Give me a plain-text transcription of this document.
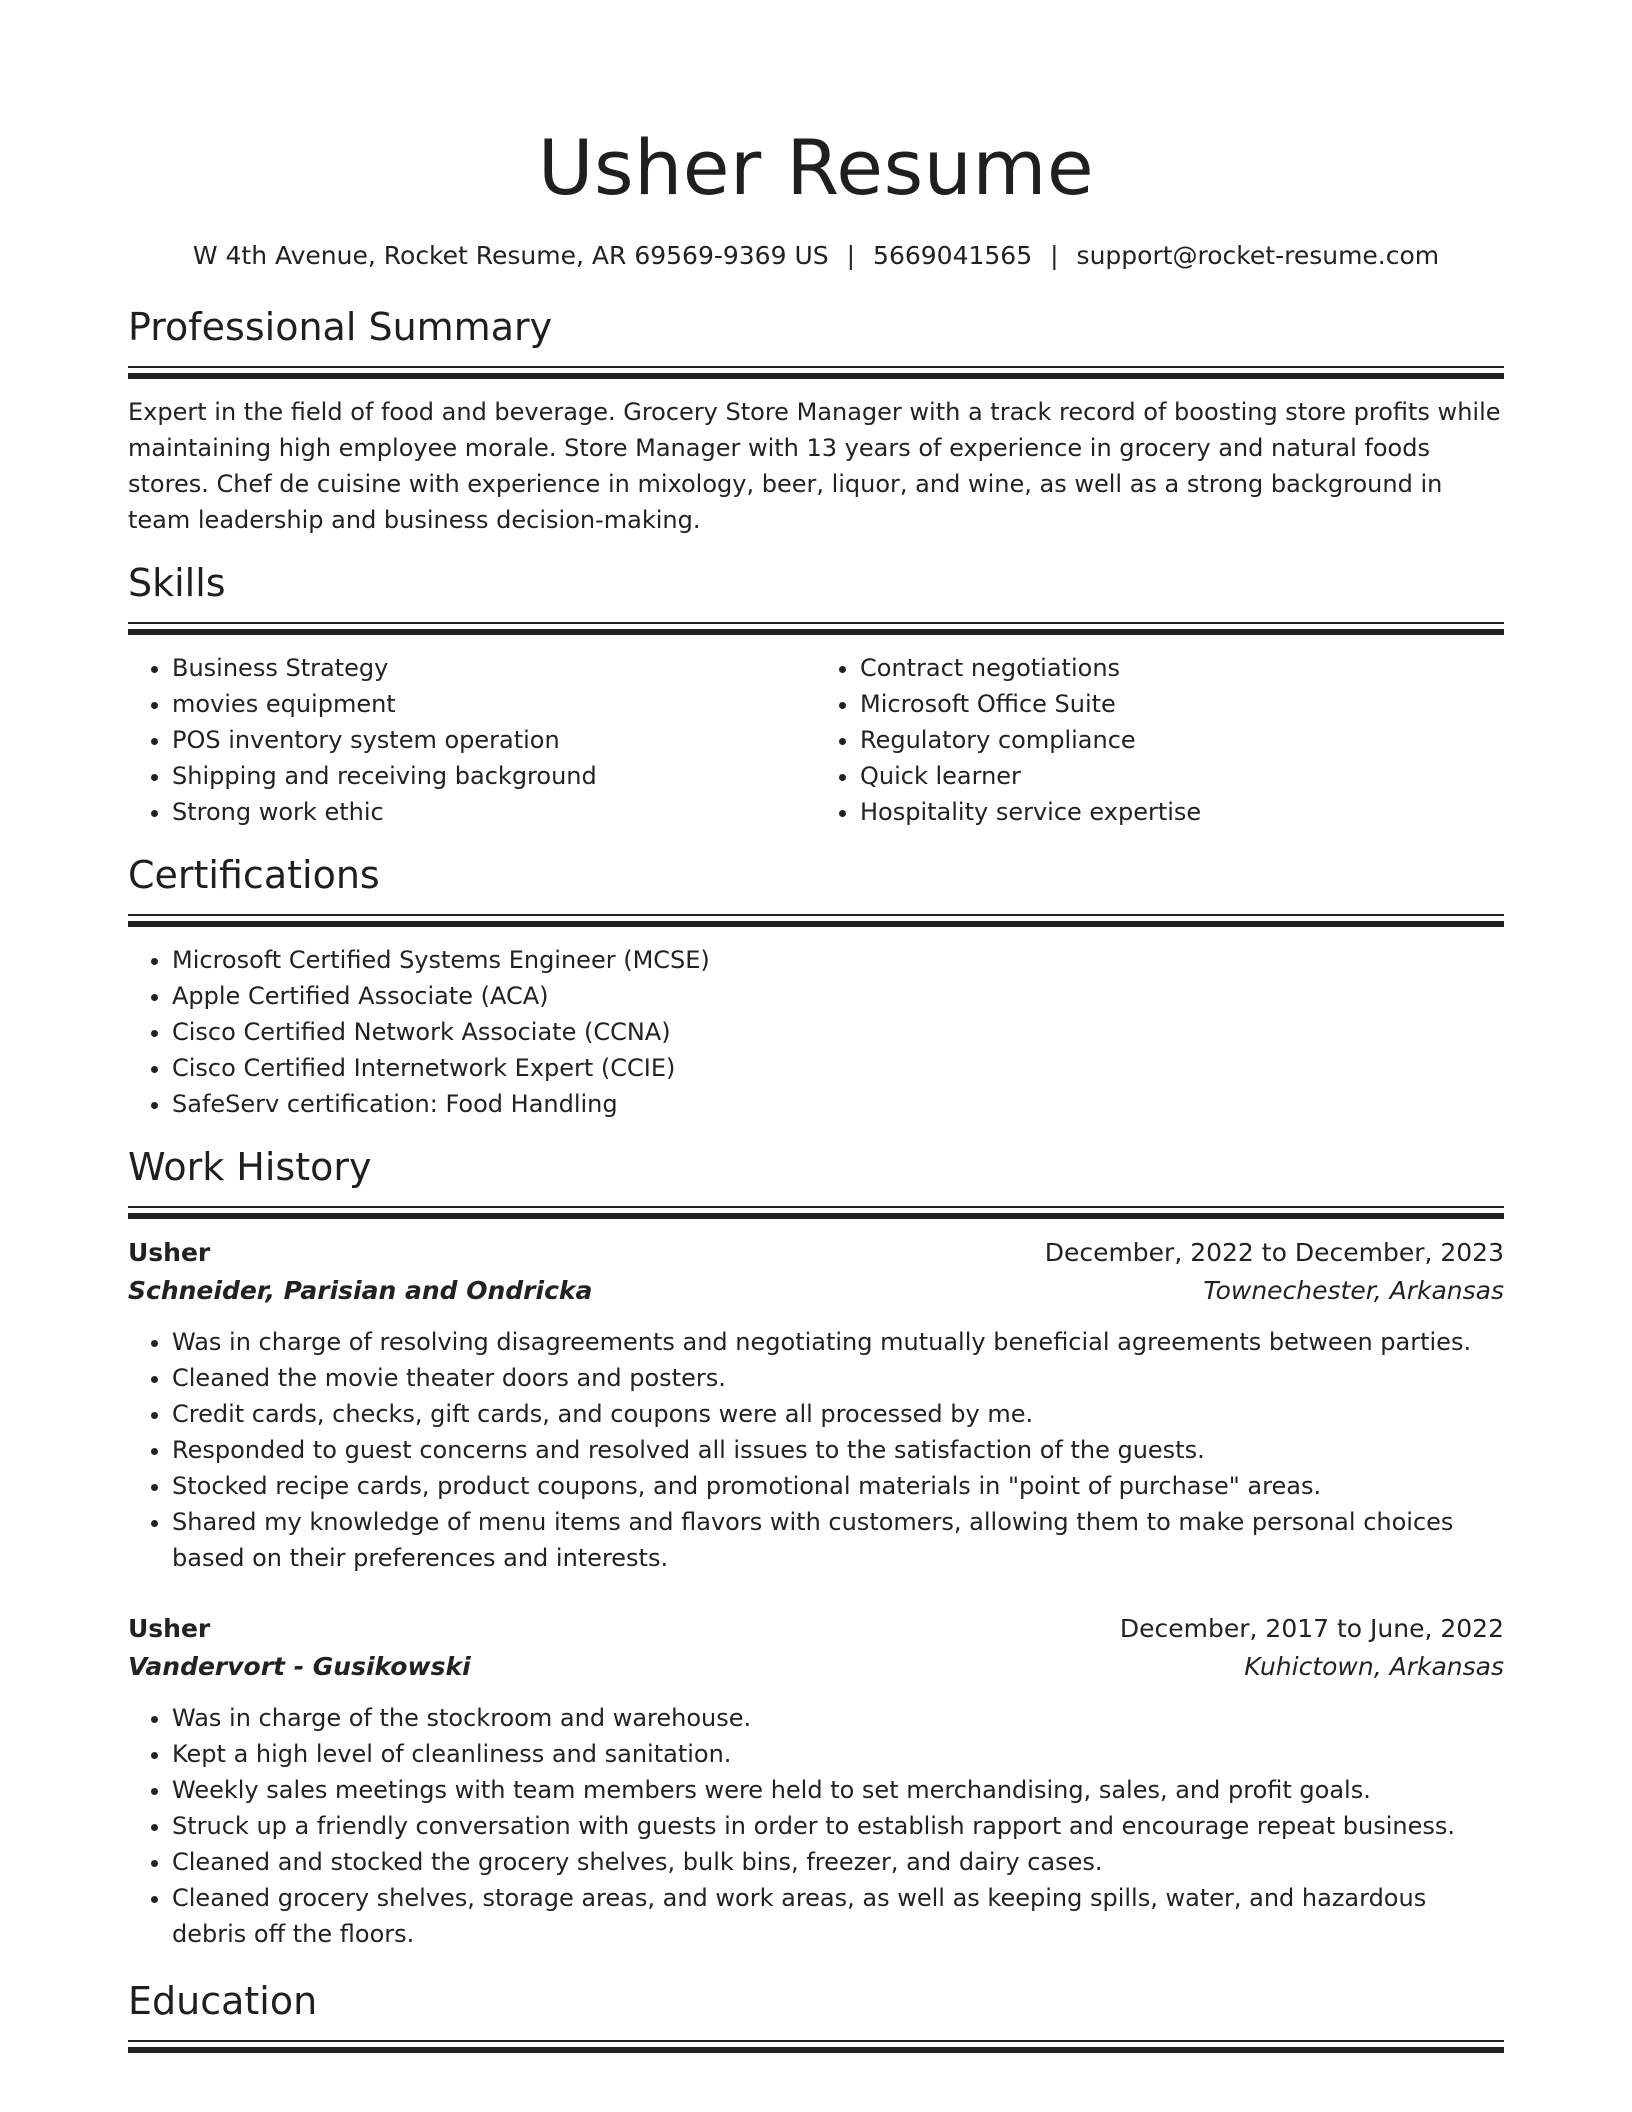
Usher Resume
W 4th Avenue, Rocket Resume, AR 69569-9369 US | 5669041565 | support@rocket-resume.com
Professional Summary

Expert in the field of food and beverage. Grocery Store Manager with a track record of boosting store profits while maintaining high employee morale. Store Manager with 13 years of experience in grocery and natural foods stores. Chef de cuisine with experience in mixology, beer, liquor, and wine, as well as a strong background in team leadership and business decision-making.

Skills
• Business Strategy
• movies equipment
• POS inventory system operation
• Shipping and receiving background
• Strong work ethic
• Contract negotiations
• Microsoft Office Suite
• Regulatory compliance
• Quick learner
• Hospitality service expertise
Certifications
• Microsoft Certified Systems Engineer (MCSE)
• Apple Certified Associate (ACA)
• Cisco Certified Network Associate (CCNA)
• Cisco Certified Internetwork Expert (CCIE)
• SafeServ certification: Food Handling
Work History
Usher	December, 2022 to December, 2023
Schneider, Parisian and Ondricka	Townechester, Arkansas
• Was in charge of resolving disagreements and negotiating mutually beneficial agreements between parties.
• Cleaned the movie theater doors and posters.
• Credit cards, checks, gift cards, and coupons were all processed by me.
• Responded to guest concerns and resolved all issues to the satisfaction of the guests.
• Stocked recipe cards, product coupons, and promotional materials in "point of purchase" areas.
• Shared my knowledge of menu items and flavors with customers, allowing them to make personal choices based on their preferences and interests.
Usher	December, 2017 to June, 2022
Vandervort - Gusikowski	Kuhictown, Arkansas
• Was in charge of the stockroom and warehouse.
• Kept a high level of cleanliness and sanitation.
• Weekly sales meetings with team members were held to set merchandising, sales, and profit goals.
• Struck up a friendly conversation with guests in order to establish rapport and encourage repeat business.
• Cleaned and stocked the grocery shelves, bulk bins, freezer, and dairy cases.
• Cleaned grocery shelves, storage areas, and work areas, as well as keeping spills, water, and hazardous debris off the floors.
Education
